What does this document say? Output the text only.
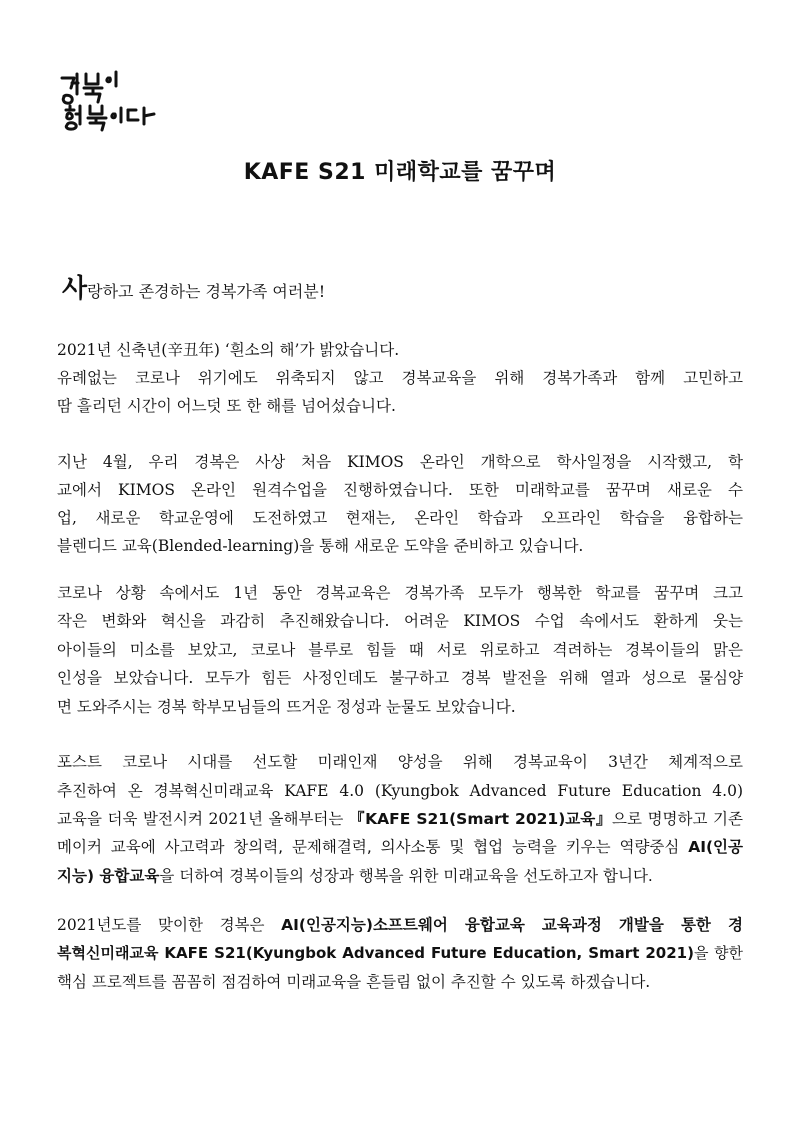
KAFE S21 미래학교를 꿈꾸며
사랑하고 존경하는 경복가족 여러분!
2021년 신축년(辛丑年) ‘흰소의 해’가 밝았습니다.
유례없는 코로나 위기에도 위축되지 않고 경복교육을 위해 경복가족과 함께 고민하고
땀 흘리던 시간이 어느덧 또 한 해를 넘어섰습니다.
지난 4월, 우리 경복은 사상 처음 KIMOS 온라인 개학으로 학사일정을 시작했고, 학
교에서 KIMOS 온라인 원격수업을 진행하였습니다. 또한 미래학교를 꿈꾸며 새로운 수
업, 새로운 학교운영에 도전하였고 현재는, 온라인 학습과 오프라인 학습을 융합하는
블렌디드 교육(Blended-learning)을 통해 새로운 도약을 준비하고 있습니다.
코로나 상황 속에서도 1년 동안 경복교육은 경복가족 모두가 행복한 학교를 꿈꾸며 크고
작은 변화와 혁신을 과감히 추진해왔습니다. 어려운 KIMOS 수업 속에서도 환하게 웃는
아이들의 미소를 보았고, 코로나 블루로 힘들 때 서로 위로하고 격려하는 경복이들의 맑은
인성을 보았습니다. 모두가 힘든 사정인데도 불구하고 경복 발전을 위해 열과 성으로 물심양
면 도와주시는 경복 학부모님들의 뜨거운 정성과 눈물도 보았습니다.
포스트 코로나 시대를 선도할 미래인재 양성을 위해 경복교육이 3년간 체계적으로
추진하여 온 경복혁신미래교육 KAFE 4.0 (Kyungbok Advanced Future Education 4.0)
교육을 더욱 발전시켜 2021년 올해부터는 『KAFE S21(Smart 2021)교육』으로 명명하고 기존
메이커 교육에 사고력과 창의력, 문제해결력, 의사소통 및 협업 능력을 키우는 역량중심 AI(인공
지능) 융합교육을 더하여 경복이들의 성장과 행복을 위한 미래교육을 선도하고자 합니다.
2021년도를 맞이한 경복은 AI(인공지능)소프트웨어 융합교육 교육과정 개발을 통한 경
복혁신미래교육 KAFE S21(Kyungbok Advanced Future Education, Smart 2021)을 향한
핵심 프로젝트를 꼼꼼히 점검하여 미래교육을 흔들림 없이 추진할 수 있도록 하겠습니다.
